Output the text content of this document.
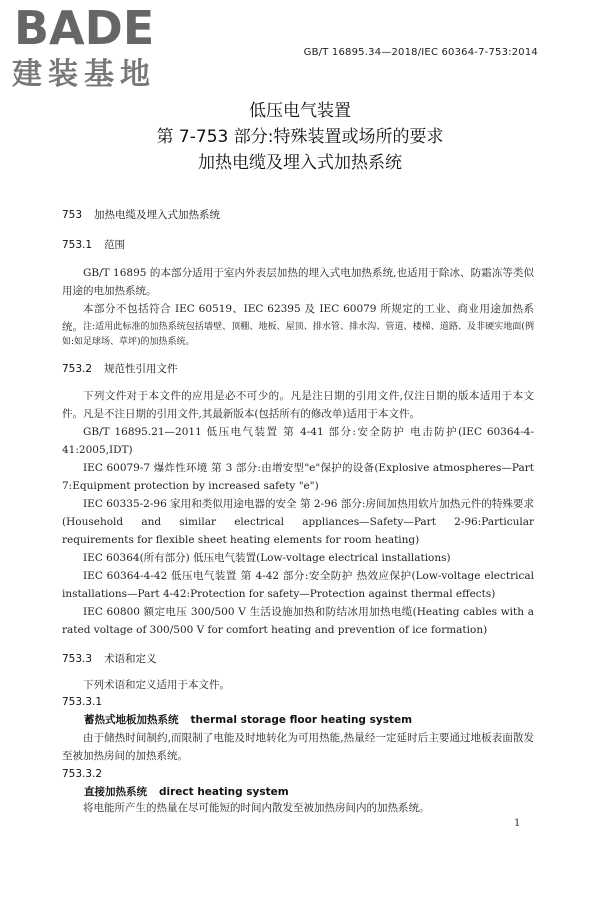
BADE
建装基地
GB/T 16895.34—2018/IEC 60364-7-753:2014
低压电气装置
第 7-753 部分:特殊装置或场所的要求
加热电缆及埋入式加热系统
753 加热电缆及埋入式加热系统
753.1 范围
GB/T 16895 的本部分适用于室内外表层加热的埋入式电加热系统,也适用于除冰、防霜冻等类似用途的电加热系统。
本部分不包括符合 IEC 60519、IEC 62395 及 IEC 60079 所规定的工业、商业用途加热系统。 注:适用此标准的加热系统包括墙壁、顶棚、地板、屋顶、排水管、排水沟、管道、楼梯、道路、及非硬实地面(例如:如足球场、草坪)的加热系统。
753.2 规范性引用文件
下列文件对于本文件的应用是必不可少的。凡是注日期的引用文件,仅注日期的版本适用于本文件。凡是不注日期的引用文件,其最新版本(包括所有的修改单)适用于本文件。
GB/T 16895.21—2011 低压电气装置 第 4-41 部分:安全防护 电击防护(IEC 60364-4-41:2005,IDT)
IEC 60079-7 爆炸性环境 第 3 部分:由增安型"e"保护的设备(Explosive atmospheres—Part 7:Equipment protection by increased safety "e")
IEC 60335-2-96 家用和类似用途电器的安全 第 2-96 部分:房间加热用软片加热元件的特殊要求(Household and similar electrical appliances—Safety—Part 2-96:Particular requirements for flexible sheet heating elements for room heating)
IEC 60364(所有部分) 低压电气装置(Low-voltage electrical installations)
IEC 60364-4-42 低压电气装置 第 4-42 部分:安全防护 热效应保护(Low-voltage electrical installations—Part 4-42:Protection for safety—Protection against thermal effects)
IEC 60800 额定电压 300/500 V 生活设施加热和防结冰用加热电缆(Heating cables with a rated voltage of 300/500 V for comfort heating and prevention of ice formation)
753.3 术语和定义
下列术语和定义适用于本文件。
753.3.1
蓄热式地板加热系统 thermal storage floor heating system
由于储热时间制约,而限制了电能及时地转化为可用热能,热量经一定延时后主要通过地板表面散发至被加热房间的加热系统。
753.3.2
直接加热系统 direct heating system
将电能所产生的热量在尽可能短的时间内散发至被加热房间内的加热系统。
1
